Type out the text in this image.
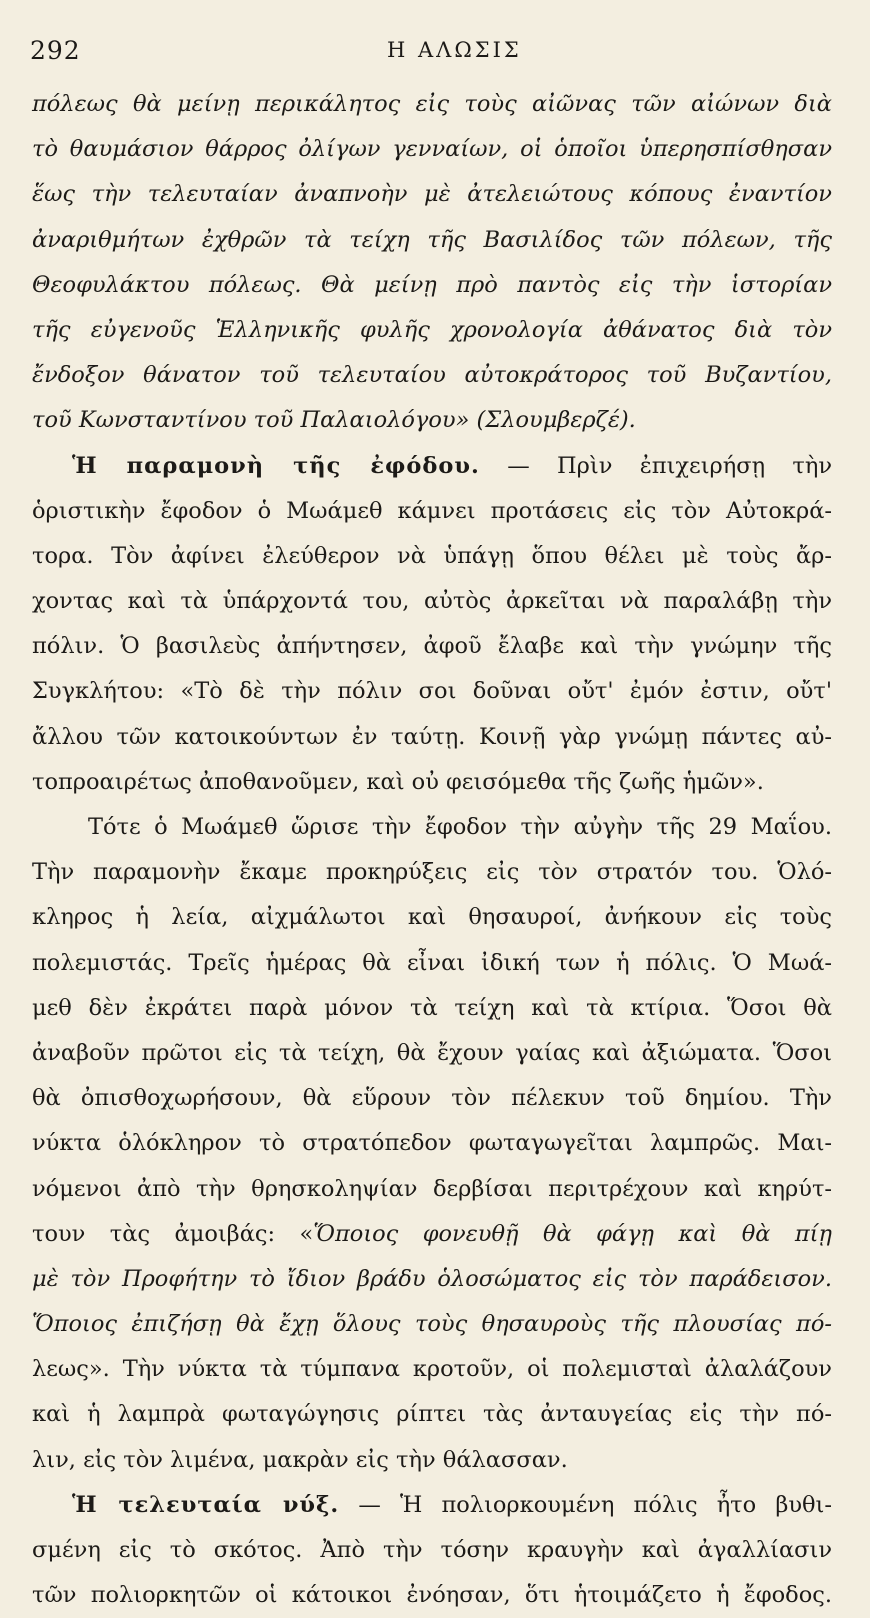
292	Η ΑΛΩΣΙΣ
πόλεως θὰ μείνῃ περικάλητος εἰς τοὺς αἰῶνας τῶν αἰώνων διὰ
τὸ θαυμάσιον θάρρος ὀλίγων γενναίων, οἱ ὁποῖοι ὑπερησπίσθησαν
ἕως τὴν τελευταίαν ἀναπνοὴν μὲ ἀτελειώτους κόπους ἐναντίον
ἀναριθμήτων ἐχθρῶν τὰ τείχη τῆς Βασιλίδος τῶν πόλεων, τῆς
Θεοφυλάκτου πόλεως. Θὰ μείνῃ πρὸ παντὸς εἰς τὴν ἱστορίαν
τῆς εὐγενοῦς Ἑλληνικῆς φυλῆς χρονολογία ἀθάνατος διὰ τὸν
ἔνδοξον θάνατον τοῦ τελευταίου αὐτοκράτορος τοῦ Βυζαντίου,
τοῦ Κωνσταντίνου τοῦ Παλαιολόγου» (Σλουμβερζέ).
Ἡ παραμονὴ τῆς ἐφόδου. — Πρὶν ἐπιχειρήσῃ τὴν
ὁριστικὴν ἔφοδον ὁ Μωάμεθ κάμνει προτάσεις εἰς τὸν Αὐτοκρά-
τορα. Τὸν ἀφίνει ἐλεύθερον νὰ ὑπάγῃ ὅπου θέλει μὲ τοὺς ἄρ-
χοντας καὶ τὰ ὑπάρχοντά του, αὐτὸς ἀρκεῖται νὰ παραλάβῃ τὴν
πόλιν. Ὁ βασιλεὺς ἀπήντησεν, ἀφοῦ ἔλαβε καὶ τὴν γνώμην τῆς
Συγκλήτου: «Τὸ δὲ τὴν πόλιν σοι δοῦναι οὔτ' ἐμόν ἐστιν, οὔτ'
ἄλλου τῶν κατοικούντων ἐν ταύτῃ. Κοινῇ γὰρ γνώμῃ πάντες αὐ-
τοπροαιρέτως ἀποθανοῦμεν, καὶ οὐ φεισόμεθα τῆς ζωῆς ἡμῶν».
Τότε ὁ Μωάμεθ ὥρισε τὴν ἔφοδον τὴν αὐγὴν τῆς 29 Μαΐου.
Τὴν παραμονὴν ἔκαμε προκηρύξεις εἰς τὸν στρατόν του. Ὁλό-
κληρος ἡ λεία, αἰχμάλωτοι καὶ θησαυροί, ἀνήκουν εἰς τοὺς
πολεμιστάς. Τρεῖς ἡμέρας θὰ εἶναι ἰδική των ἡ πόλις. Ὁ Μωά-
μεθ δὲν ἐκράτει παρὰ μόνον τὰ τείχη καὶ τὰ κτίρια. Ὅσοι θὰ
ἀναβοῦν πρῶτοι εἰς τὰ τείχη, θὰ ἔχουν γαίας καὶ ἀξιώματα. Ὅσοι
θὰ ὀπισθοχωρήσουν, θὰ εὕρουν τὸν πέλεκυν τοῦ δημίου. Τὴν
νύκτα ὁλόκληρον τὸ στρατόπεδον φωταγωγεῖται λαμπρῶς. Μαι-
νόμενοι ἀπὸ τὴν θρησκοληψίαν δερβίσαι περιτρέχουν καὶ κηρύτ-
τουν τὰς ἀμοιβάς: «Ὅποιος φονευθῇ θὰ φάγῃ καὶ θὰ πίῃ
μὲ τὸν Προφήτην τὸ ἴδιον βράδυ ὁλοσώματος εἰς τὸν παράδεισον.
Ὅποιος ἐπιζήσῃ θὰ ἔχῃ ὅλους τοὺς θησαυροὺς τῆς πλουσίας πό-
λεως». Τὴν νύκτα τὰ τύμπανα κροτοῦν, οἱ πολεμισταὶ ἀλαλάζουν
καὶ ἡ λαμπρὰ φωταγώγησις ρίπτει τὰς ἀνταυγείας εἰς τὴν πό-
λιν, εἰς τὸν λιμένα, μακρὰν εἰς τὴν θάλασσαν.
Ἡ τελευταία νύξ. — Ἡ πολιορκουμένη πόλις ἦτο βυθι-
σμένη εἰς τὸ σκότος. Ἀπὸ τὴν τόσην κραυγὴν καὶ ἀγαλλίασιν
τῶν πολιορκητῶν οἱ κάτοικοι ἐνόησαν, ὅτι ἡτοιμάζετο ἡ ἔφοδος.
